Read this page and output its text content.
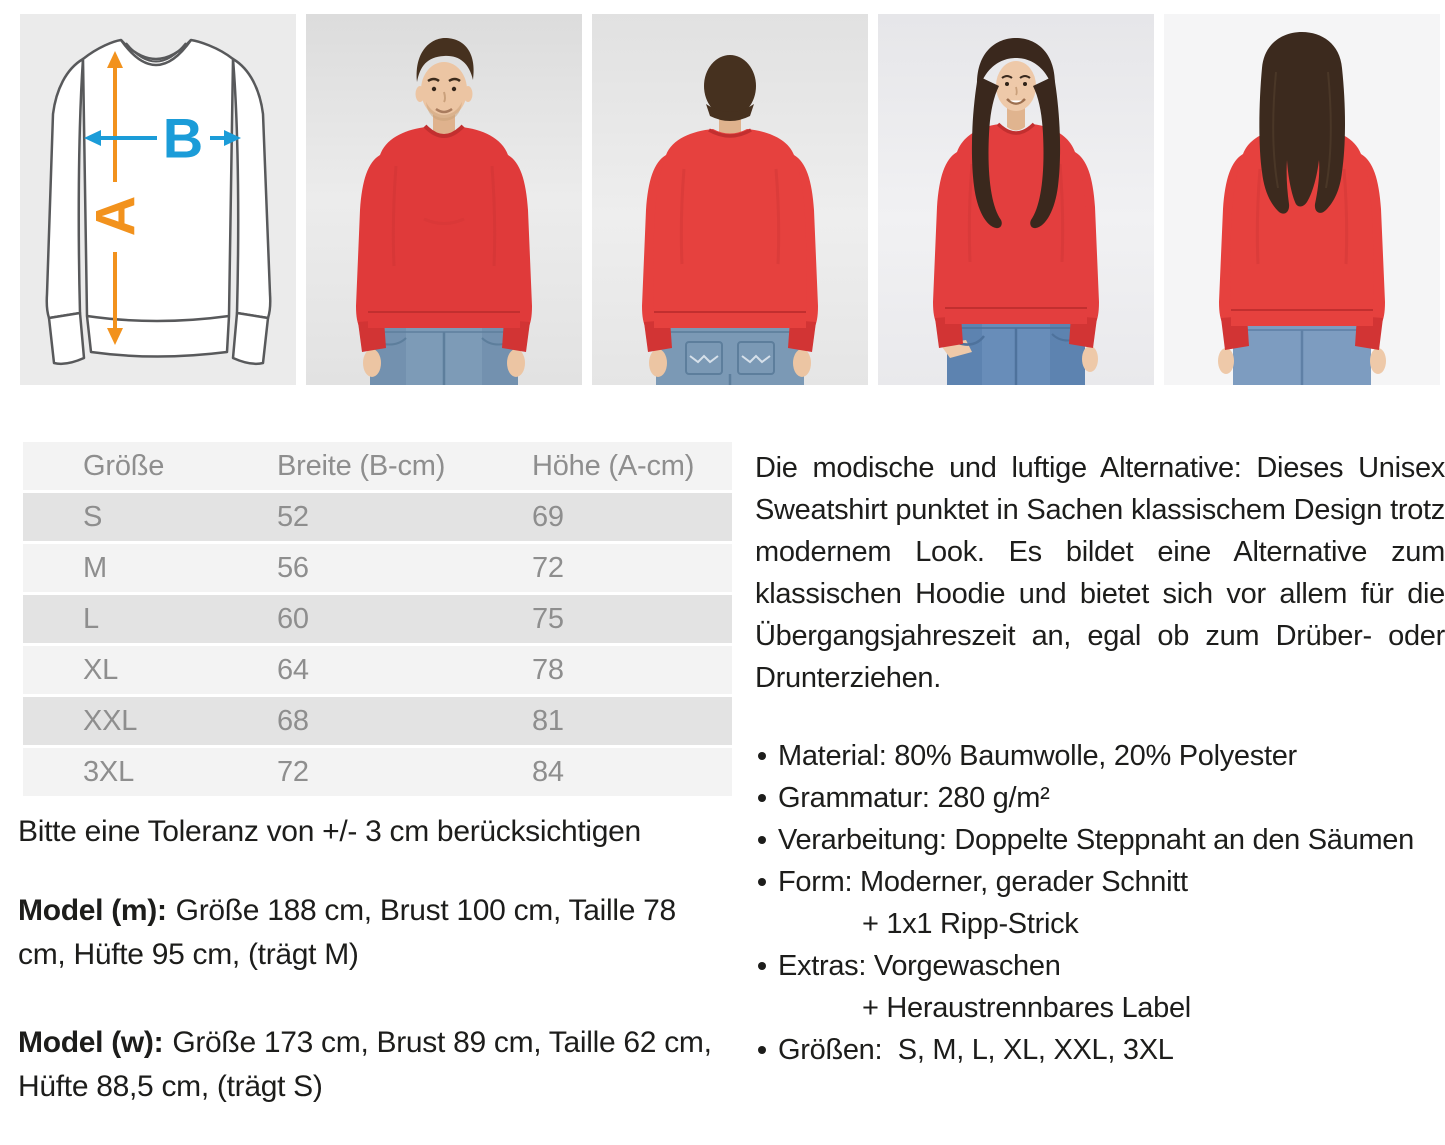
A
B
Größe	Breite (B-cm)	Höhe (A-cm)
S	52	69
M	56	72
L	60	75
XL	64	78
XXL	68	81
3XL	72	84
Bitte eine Toleranz von +/- 3 cm berücksichtigen
Model (m): Größe 188 cm, Brust 100 cm, Taille 78 cm, Hüfte 95 cm, (trägt M)
Model (w): Größe 173 cm, Brust 89 cm, Taille 62 cm, Hüfte 88,5 cm, (trägt S)

Die modische und luftige Alternative: Dieses Unisex Sweatshirt punktet in Sachen klassischem Design trotz modernem Look. Es bildet eine Alternative zum klassischen Hoodie und bietet sich vor allem für die Übergangsjahreszeit an, egal ob zum Drüber- oder Drunterziehen.

Material: 80% Baumwolle, 20% Polyester
Grammatur: 280 g/m²
Verarbeitung: Doppelte Steppnaht an den Säumen
Form: Moderner, gerader Schnitt
+ 1x1 Ripp-Strick
Extras: Vorgewaschen
+ Heraustrennbares Label
Größen:  S, M, L, XL, XXL, 3XL
